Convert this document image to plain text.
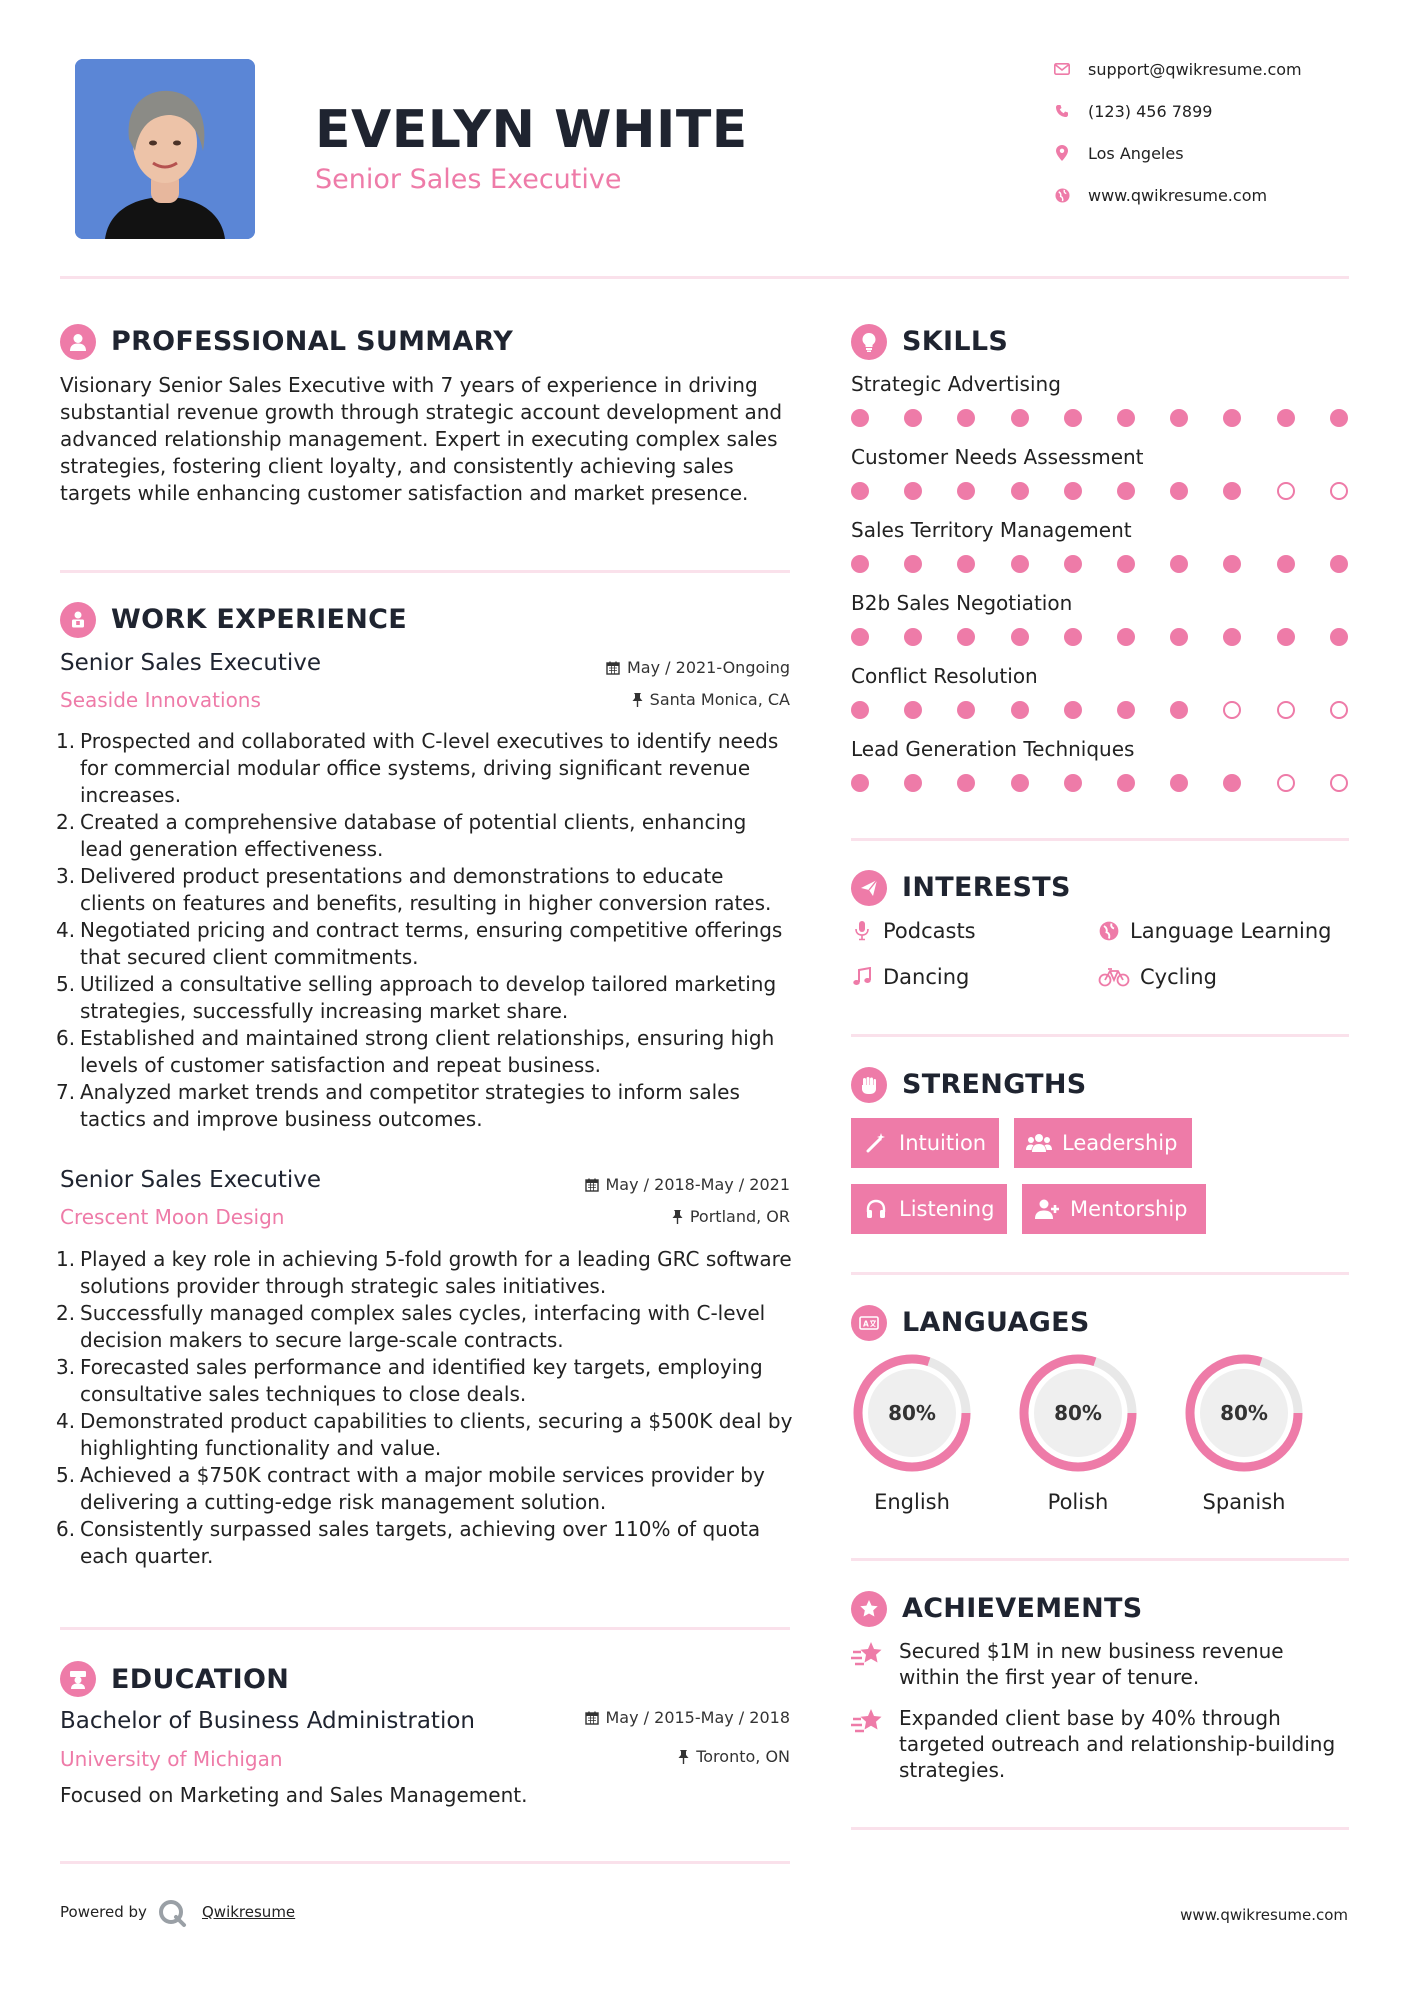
EVELYN WHITE
Senior Sales Executive
support@qwikresume.com
(123) 456 7899
Los Angeles
www.qwikresume.com
PROFESSIONAL SUMMARY
Visionary Senior Sales Executive with 7 years of experience in driving substantial revenue growth through strategic account development and advanced relationship management. Expert in executing complex sales strategies, fostering client loyalty, and consistently achieving sales targets while enhancing customer satisfaction and market presence.
WORK EXPERIENCE
Senior Sales Executive	May / 2021-Ongoing
Seaside Innovations	Santa Monica, CA
1. Prospected and collaborated with C-level executives to identify needs for commercial modular office systems, driving significant revenue increases.
2. Created a comprehensive database of potential clients, enhancing lead generation effectiveness.
3. Delivered product presentations and demonstrations to educate clients on features and benefits, resulting in higher conversion rates.
4. Negotiated pricing and contract terms, ensuring competitive offerings that secured client commitments.
5. Utilized a consultative selling approach to develop tailored marketing strategies, successfully increasing market share.
6. Established and maintained strong client relationships, ensuring high levels of customer satisfaction and repeat business.
7. Analyzed market trends and competitor strategies to inform sales tactics and improve business outcomes.
Senior Sales Executive	May / 2018-May / 2021
Crescent Moon Design	Portland, OR
1. Played a key role in achieving 5-fold growth for a leading GRC software solutions provider through strategic sales initiatives.
2. Successfully managed complex sales cycles, interfacing with C-level decision makers to secure large-scale contracts.
3. Forecasted sales performance and identified key targets, employing consultative sales techniques to close deals.
4. Demonstrated product capabilities to clients, securing a $500K deal by highlighting functionality and value.
5. Achieved a $750K contract with a major mobile services provider by delivering a cutting-edge risk management solution.
6. Consistently surpassed sales targets, achieving over 110% of quota each quarter.
EDUCATION
Bachelor of Business Administration	May / 2015-May / 2018
University of Michigan	Toronto, ON
Focused on Marketing and Sales Management.
SKILLS
Strategic Advertising
Customer Needs Assessment
Sales Territory Management
B2b Sales Negotiation
Conflict Resolution
Lead Generation Techniques
INTERESTS
Podcasts	Language Learning
Dancing	Cycling
STRENGTHS
Intuition	Leadership
Listening	Mentorship
A LANGUAGES
80%
English
80%
Polish
80%
Spanish
ACHIEVEMENTS
Secured $1M in new business revenue within the first year of tenure.
Expanded client base by 40% through targeted outreach and relationship-building strategies.
Powered by	Qwikresume	www.qwikresume.com
